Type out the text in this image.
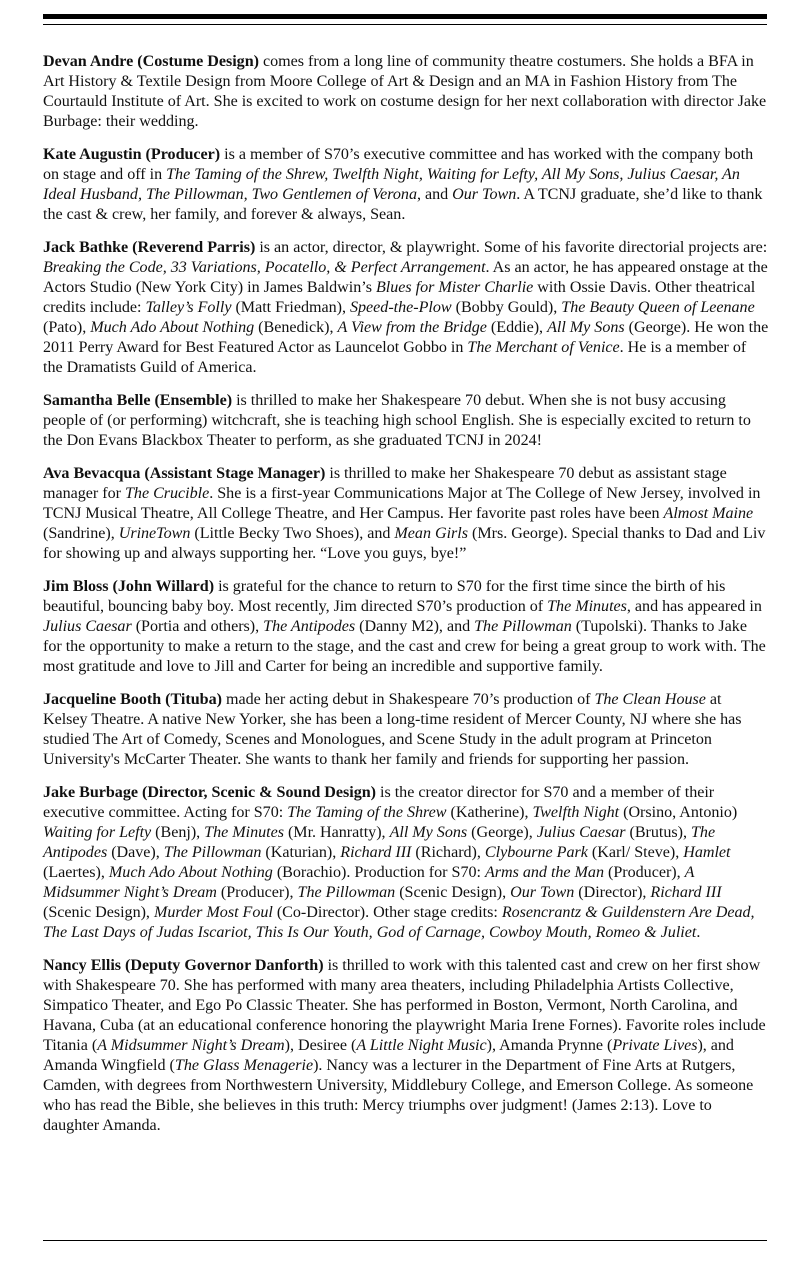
Devan Andre (Costume Design) comes from a long line of community theatre costumers. She holds a BFA in Art History & Textile Design from Moore College of Art & Design and an MA in Fashion History from The Courtauld Institute of Art. She is excited to work on costume design for her next collaboration with director Jake Burbage: their wedding.

Kate Augustin (Producer) is a member of S70’s executive committee and has worked with the company both on stage and off in The Taming of the Shrew, Twelfth Night, Waiting for Lefty, All My Sons, Julius Caesar, An Ideal Husband, The Pillowman, Two Gentlemen of Verona, and Our Town. A TCNJ graduate, she’d like to thank the cast & crew, her family, and forever & always, Sean.

Jack Bathke (Reverend Parris) is an actor, director, & playwright. Some of his favorite directorial projects are: Breaking the Code, 33 Variations, Pocatello, & Perfect Arrangement. As an actor, he has appeared onstage at the Actors Studio (New York City) in James Baldwin’s Blues for Mister Charlie with Ossie Davis. Other theatrical credits include: Talley’s Folly (Matt Friedman), Speed-the-Plow (Bobby Gould), The Beauty Queen of Leenane (Pato), Much Ado About Nothing (Benedick), A View from the Bridge (Eddie), All My Sons (George). He won the 2011 Perry Award for Best Featured Actor as Launcelot Gobbo in The Merchant of Venice. He is a member of the Dramatists Guild of America.

Samantha Belle (Ensemble) is thrilled to make her Shakespeare 70 debut. When she is not busy accusing people of (or performing) witchcraft, she is teaching high school English. She is especially excited to return to the Don Evans Blackbox Theater to perform, as she graduated TCNJ in 2024!

Ava Bevacqua (Assistant Stage Manager) is thrilled to make her Shakespeare 70 debut as assistant stage manager for The Crucible. She is a first-year Communications Major at The College of New Jersey, involved in TCNJ Musical Theatre, All College Theatre, and Her Campus. Her favorite past roles have been Almost Maine (Sandrine), UrineTown (Little Becky Two Shoes), and Mean Girls (Mrs. George). Special thanks to Dad and Liv for showing up and always supporting her. “Love you guys, bye!”

Jim Bloss (John Willard) is grateful for the chance to return to S70 for the first time since the birth of his beautiful, bouncing baby boy. Most recently, Jim directed S70’s production of The Minutes, and has appeared in Julius Caesar (Portia and others), The Antipodes (Danny M2), and The Pillowman (Tupolski). Thanks to Jake for the opportunity to make a return to the stage, and the cast and crew for being a great group to work with. The most gratitude and love to Jill and Carter for being an incredible and supportive family.

Jacqueline Booth (Tituba) made her acting debut in Shakespeare 70’s production of The Clean House at Kelsey Theatre. A native New Yorker, she has been a long-time resident of Mercer County, NJ where she has studied The Art of Comedy, Scenes and Monologues, and Scene Study in the adult program at Princeton University's McCarter Theater. She wants to thank her family and friends for supporting her passion.

Jake Burbage (Director, Scenic & Sound Design) is the creator director for S70 and a member of their executive committee. Acting for S70: The Taming of the Shrew (Katherine), Twelfth Night (Orsino, Antonio) Waiting for Lefty (Benj), The Minutes (Mr. Hanratty), All My Sons (George), Julius Caesar (Brutus), The Antipodes (Dave), The Pillowman (Katurian), Richard III (Richard), Clybourne Park (Karl/ Steve), Hamlet (Laertes), Much Ado About Nothing (Borachio). Production for S70: Arms and the Man (Producer), A Midsummer Night’s Dream (Producer), The Pillowman (Scenic Design), Our Town (Director), Richard III (Scenic Design), Murder Most Foul (Co-Director). Other stage credits: Rosencrantz & Guildenstern Are Dead, The Last Days of Judas Iscariot, This Is Our Youth, God of Carnage, Cowboy Mouth, Romeo & Juliet.

Nancy Ellis (Deputy Governor Danforth) is thrilled to work with this talented cast and crew on her first show with Shakespeare 70. She has performed with many area theaters, including Philadelphia Artists Collective, Simpatico Theater, and Ego Po Classic Theater. She has performed in Boston, Vermont, North Carolina, and Havana, Cuba (at an educational conference honoring the playwright Maria Irene Fornes). Favorite roles include Titania (A Midsummer Night’s Dream), Desiree (A Little Night Music), Amanda Prynne (Private Lives), and Amanda Wingfield (The Glass Menagerie). Nancy was a lecturer in the Department of Fine Arts at Rutgers, Camden, with degrees from Northwestern University, Middlebury College, and Emerson College. As someone who has read the Bible, she believes in this truth: Mercy triumphs over judgment! (James 2:13). Love to daughter Amanda.
